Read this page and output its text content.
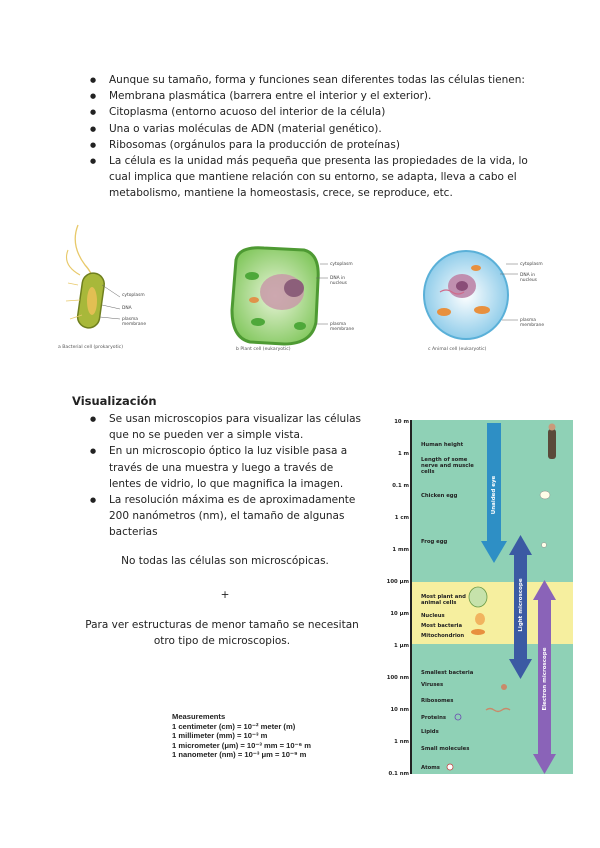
● Aunque su tamaño, forma y funciones sean diferentes todas las células tienen:
● Membrana plasmática (barrera entre el interior y el exterior).
● Citoplasma (entorno acuoso del interior de la célula)
● Una o varias moléculas de ADN (material genético).
● Ribosomas (orgánulos para la producción de proteínas)
● La célula es la unidad más pequeña que presenta las propiedades de la vida, lo cual implica que mantiene relación con su entorno, se adapta, lleva a cabo el metabolismo, mantiene la homeostasis, crece, se reproduce, etc.
cytoplasm
DNA
plasma membrane
a Bacterial cell (prokaryotic)
cytoplasm
DNA in nucleus
plasma membrane
b Plant cell (eukaryotic)
cytoplasm
DNA in nucleus
plasma membrane
c Animal cell (eukaryotic)
Visualización
● Se usan microscopios para visualizar las células que no se pueden ver a simple vista.
● En un microscopio óptico la luz visible pasa a través de una muestra y luego a través de lentes de vidrio, lo que magnifica la imagen.
● La resolución máxima es de aproximadamente 200 nanómetros (nm), el tamaño de algunas bacterias
No todas las células son microscópicas.
+
Para ver estructuras de menor tamaño se necesitan otro tipo de microscopios.
Measurements
1 centimeter (cm) = 10⁻² meter (m)
1 millimeter (mm) = 10⁻³ m
1 micrometer (μm) = 10⁻³ mm = 10⁻⁶ m
1 nanometer (nm) = 10⁻³ μm = 10⁻⁹ m
10 m
1 m
0.1 m
1 cm
1 mm
100 μm
10 μm
1 μm
100 nm
10 nm
1 nm
0.1 nm
Human height
Length of some nerve and muscle cells
Chicken egg
Frog egg
Most plant and animal cells
Nucleus
Most bacteria
Mitochondrion
Smallest bacteria
Viruses
Ribosomes
Proteins
Lipids
Small molecules
Atoms
Unaided eye
Light microscope
Electron microscope
